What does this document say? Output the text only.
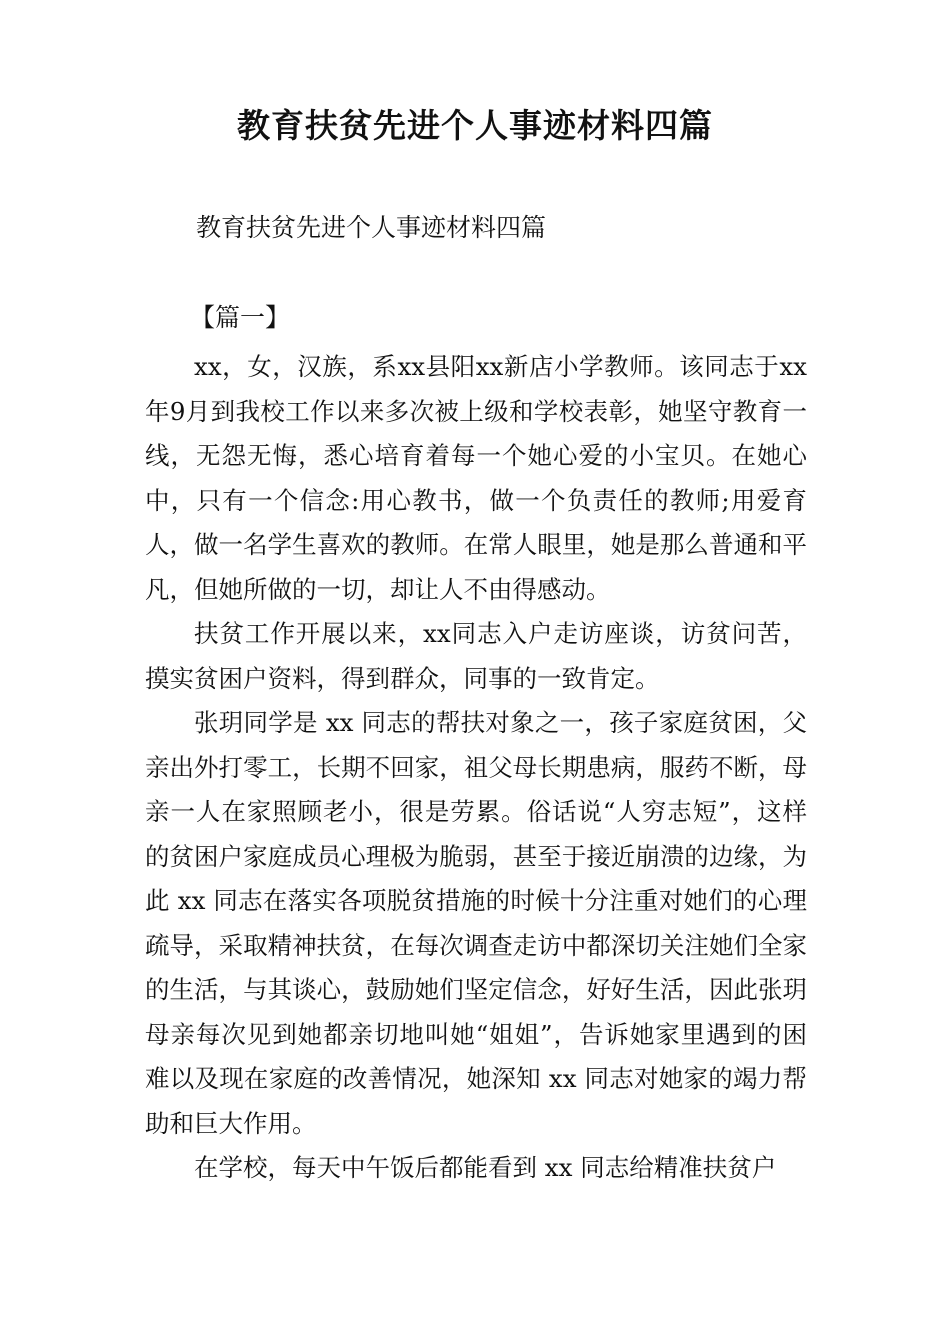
教育扶贫先进个人事迹材料四篇
教育扶贫先进个人事迹材料四篇
【篇一】

xx，女，汉族，系xx县阳xx新店小学教师。该同志于xx年9月到我校工作以来多次被上级和学校表彰，她坚守教育一线，无怨无悔，悉心培育着每一个她心爱的小宝贝。在她心中，只有一个信念:用心教书，做一个负责任的教师;用爱育人，做一名学生喜欢的教师。在常人眼里，她是那么普通和平凡，但她所做的一切，却让人不由得感动。

扶贫工作开展以来，xx同志入户走访座谈，访贫问苦，摸实贫困户资料，得到群众，同事的一致肯定。

张玥同学是 xx 同志的帮扶对象之一，孩子家庭贫困，父亲出外打零工，长期不回家，祖父母长期患病，服药不断，母亲一人在家照顾老小，很是劳累。俗话说“人穷志短”，这样的贫困户家庭成员心理极为脆弱，甚至于接近崩溃的边缘，为此 xx 同志在落实各项脱贫措施的时候十分注重对她们的心理疏导，采取精神扶贫，在每次调查走访中都深切关注她们全家的生活，与其谈心，鼓励她们坚定信念，好好生活，因此张玥母亲每次见到她都亲切地叫她“姐姐”，告诉她家里遇到的困难以及现在家庭的改善情况，她深知 xx 同志对她家的竭力帮助和巨大作用。

在学校，每天中午饭后都能看到 xx 同志给精准扶贫户
